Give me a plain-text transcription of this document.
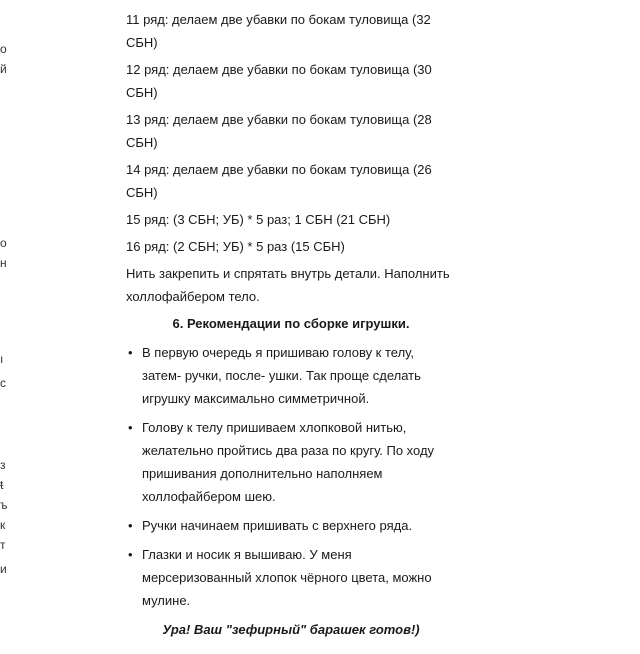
о
й
о
н
ı
с
з
ŧ
ъ
к
т
и

11 ряд: делаем две убавки по бокам туловища (32 СБН)

12 ряд: делаем две убавки по бокам туловища (30 СБН)

13 ряд: делаем две убавки по бокам туловища (28 СБН)

14 ряд: делаем две убавки по бокам туловища (26 СБН)

15 ряд: (3 СБН; УБ) * 5 раз; 1 СБН (21 СБН)

16 ряд: (2 СБН; УБ) * 5 раз (15 СБН)

Нить закрепить и спрятать внутрь детали. Наполнить холлофайбером тело.

6. Рекомендации по сборке игрушки.

• В первую очередь я пришиваю голову к телу, затем- ручки, после- ушки. Так проще сделать игрушку максимально симметричной.
• Голову к телу пришиваем хлопковой нитью, желательно пройтись два раза по кругу. По ходу пришивания дополнительно наполняем холлофайбером шею.
• Ручки начинаем пришивать с верхнего ряда.
• Глазки и носик я вышиваю. У меня мерсеризованный хлопок чёрного цвета, можно мулине.

Ура! Ваш "зефирный" барашек готов!)
